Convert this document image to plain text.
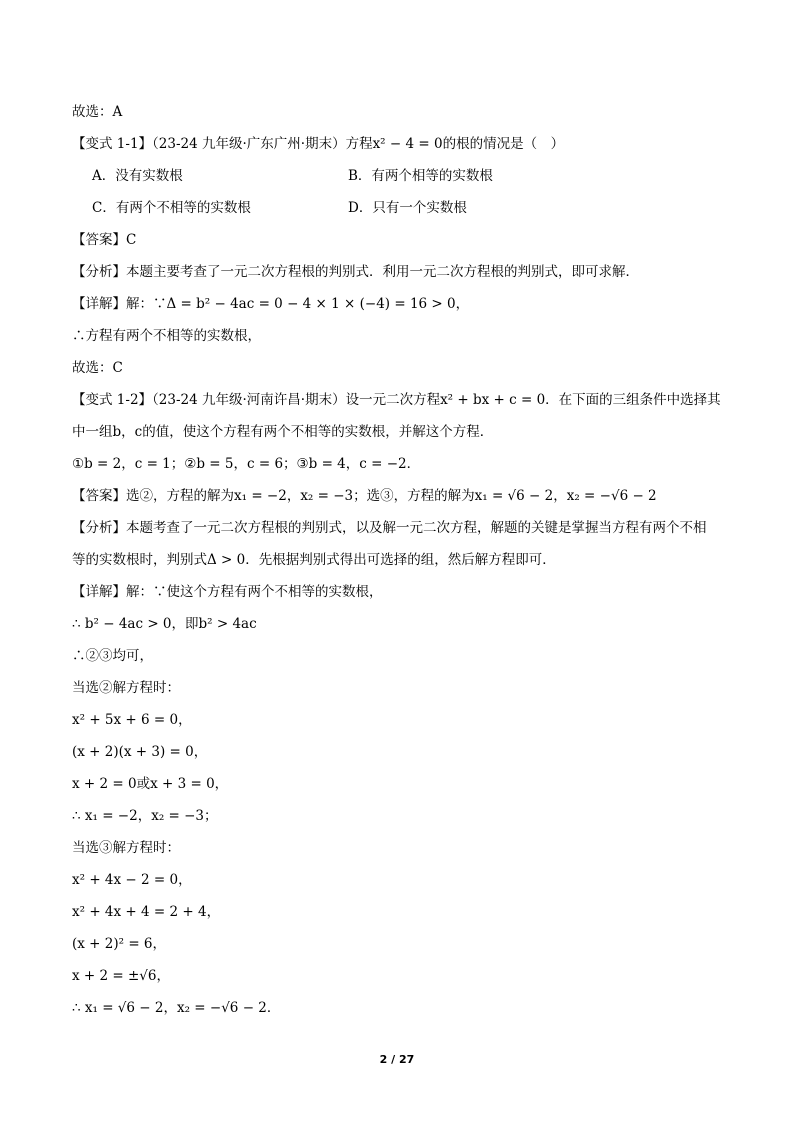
故选：A
【变式 1-1】（23-24 九年级·广东广州·期末）方程x² − 4 = 0的根的情况是（　）
A．没有实数根	B．有两个相等的实数根
C．有两个不相等的实数根	D．只有一个实数根
【答案】C
【分析】本题主要考查了一元二次方程根的判别式．利用一元二次方程根的判别式，即可求解．
【详解】解：∵Δ = b² − 4ac = 0 − 4 × 1 × (−4) = 16 > 0，
∴方程有两个不相等的实数根，
故选：C
【变式 1-2】（23-24 九年级·河南许昌·期末）设一元二次方程x² + bx + c = 0．在下面的三组条件中选择其
中一组b，c的值，使这个方程有两个不相等的实数根，并解这个方程．
①b = 2，c = 1；②b = 5，c = 6；③b = 4，c = −2．
【答案】选②，方程的解为x₁ = −2，x₂ = −3；选③，方程的解为x₁ = √6 − 2，x₂ = −√6 − 2
【分析】本题考查了一元二次方程根的判别式，以及解一元二次方程，解题的关键是掌握当方程有两个不相
等的实数根时，判别式Δ > 0．先根据判别式得出可选择的组，然后解方程即可．
【详解】解：∵使这个方程有两个不相等的实数根，
∴ b² − 4ac > 0，即b² > 4ac
∴②③均可，
当选②解方程时：
x² + 5x + 6 = 0，
(x + 2)(x + 3) = 0，
x + 2 = 0或x + 3 = 0，
∴ x₁ = −2，x₂ = −3；
当选③解方程时：
x² + 4x − 2 = 0，
x² + 4x + 4 = 2 + 4，
(x + 2)² = 6，
x + 2 = ±√6，
∴ x₁ = √6 − 2，x₂ = −√6 − 2．
2 / 27
